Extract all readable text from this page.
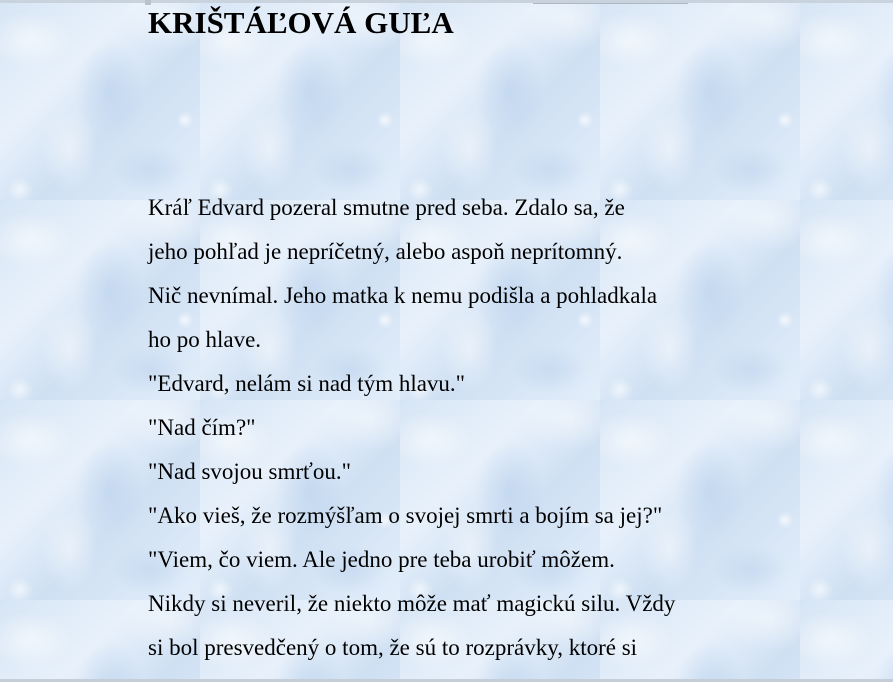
KRIŠTÁĽOVÁ GUĽA
Kráľ Edvard pozeral smutne pred seba. Zdalo sa, že
jeho pohľad je nepríčetný, alebo aspoň neprítomný.
Nič nevnímal. Jeho matka k nemu podišla a pohladkala
ho po hlave.
"Edvard, nelám si nad tým hlavu."
"Nad čím?"
"Nad svojou smrťou."
"Ako vieš, že rozmýšľam o svojej smrti a bojím sa jej?"
"Viem, čo viem. Ale jedno pre teba urobiť môžem.
Nikdy si neveril, že niekto môže mať magickú silu. Vždy
si bol presvedčený o tom, že sú to rozprávky, ktoré si
